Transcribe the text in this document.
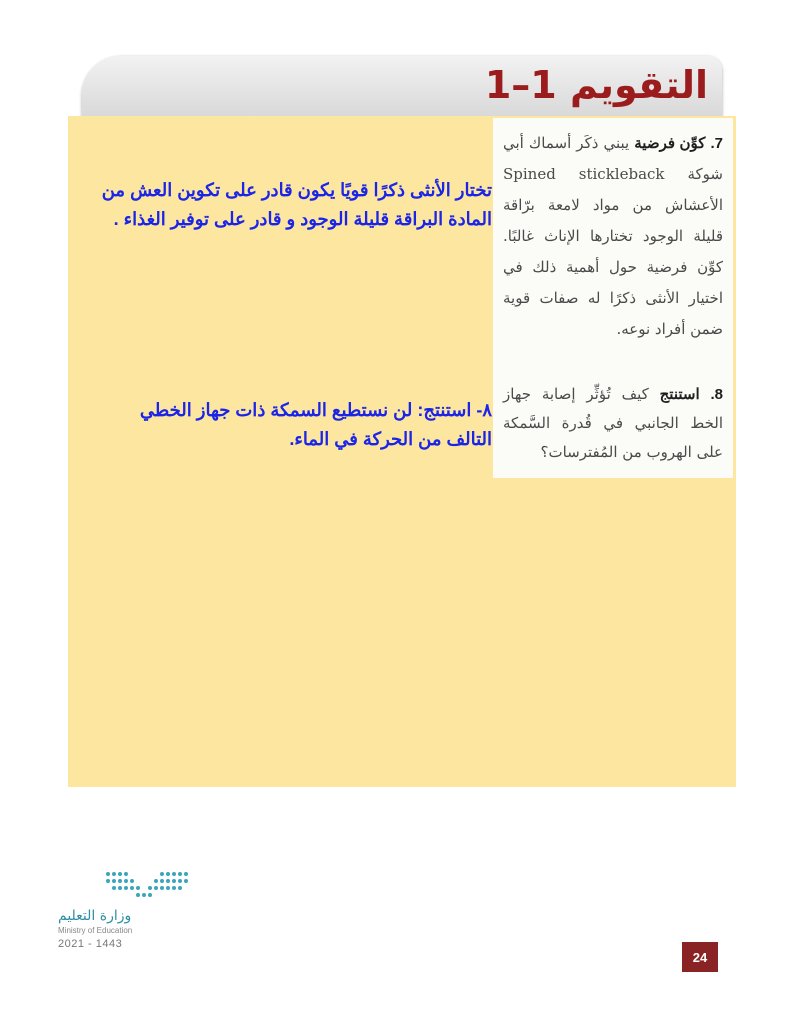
التقويم 1–1
تختار الأنثى ذكرًا قويًا يكون قادر على تكوين العش من المادة البراقة قليلة الوجود و قادر على توفير الغذاء .
٨- استنتج: لن نستطيع السمكة ذات جهاز الخطي التالف من الحركة في الماء.
7. كوِّن فرضية يبني ذكَر أسماك أبي شوكة Spined stickleback الأعشاش من مواد لامعة برّاقة قليلة الوجود تختارها الإناث غالبًا. كوِّن فرضية حول أهمية ذلك في اختيار الأنثى ذكرًا له صفات قوية ضمن أفراد نوعه.
8. استنتج كيف تُؤثِّر إصابة جهاز الخط الجانبي في قُدرة السَّمكة على الهروب من المُفترسات؟
وزارة التعليم
Ministry of Education
2021 - 1443
24
